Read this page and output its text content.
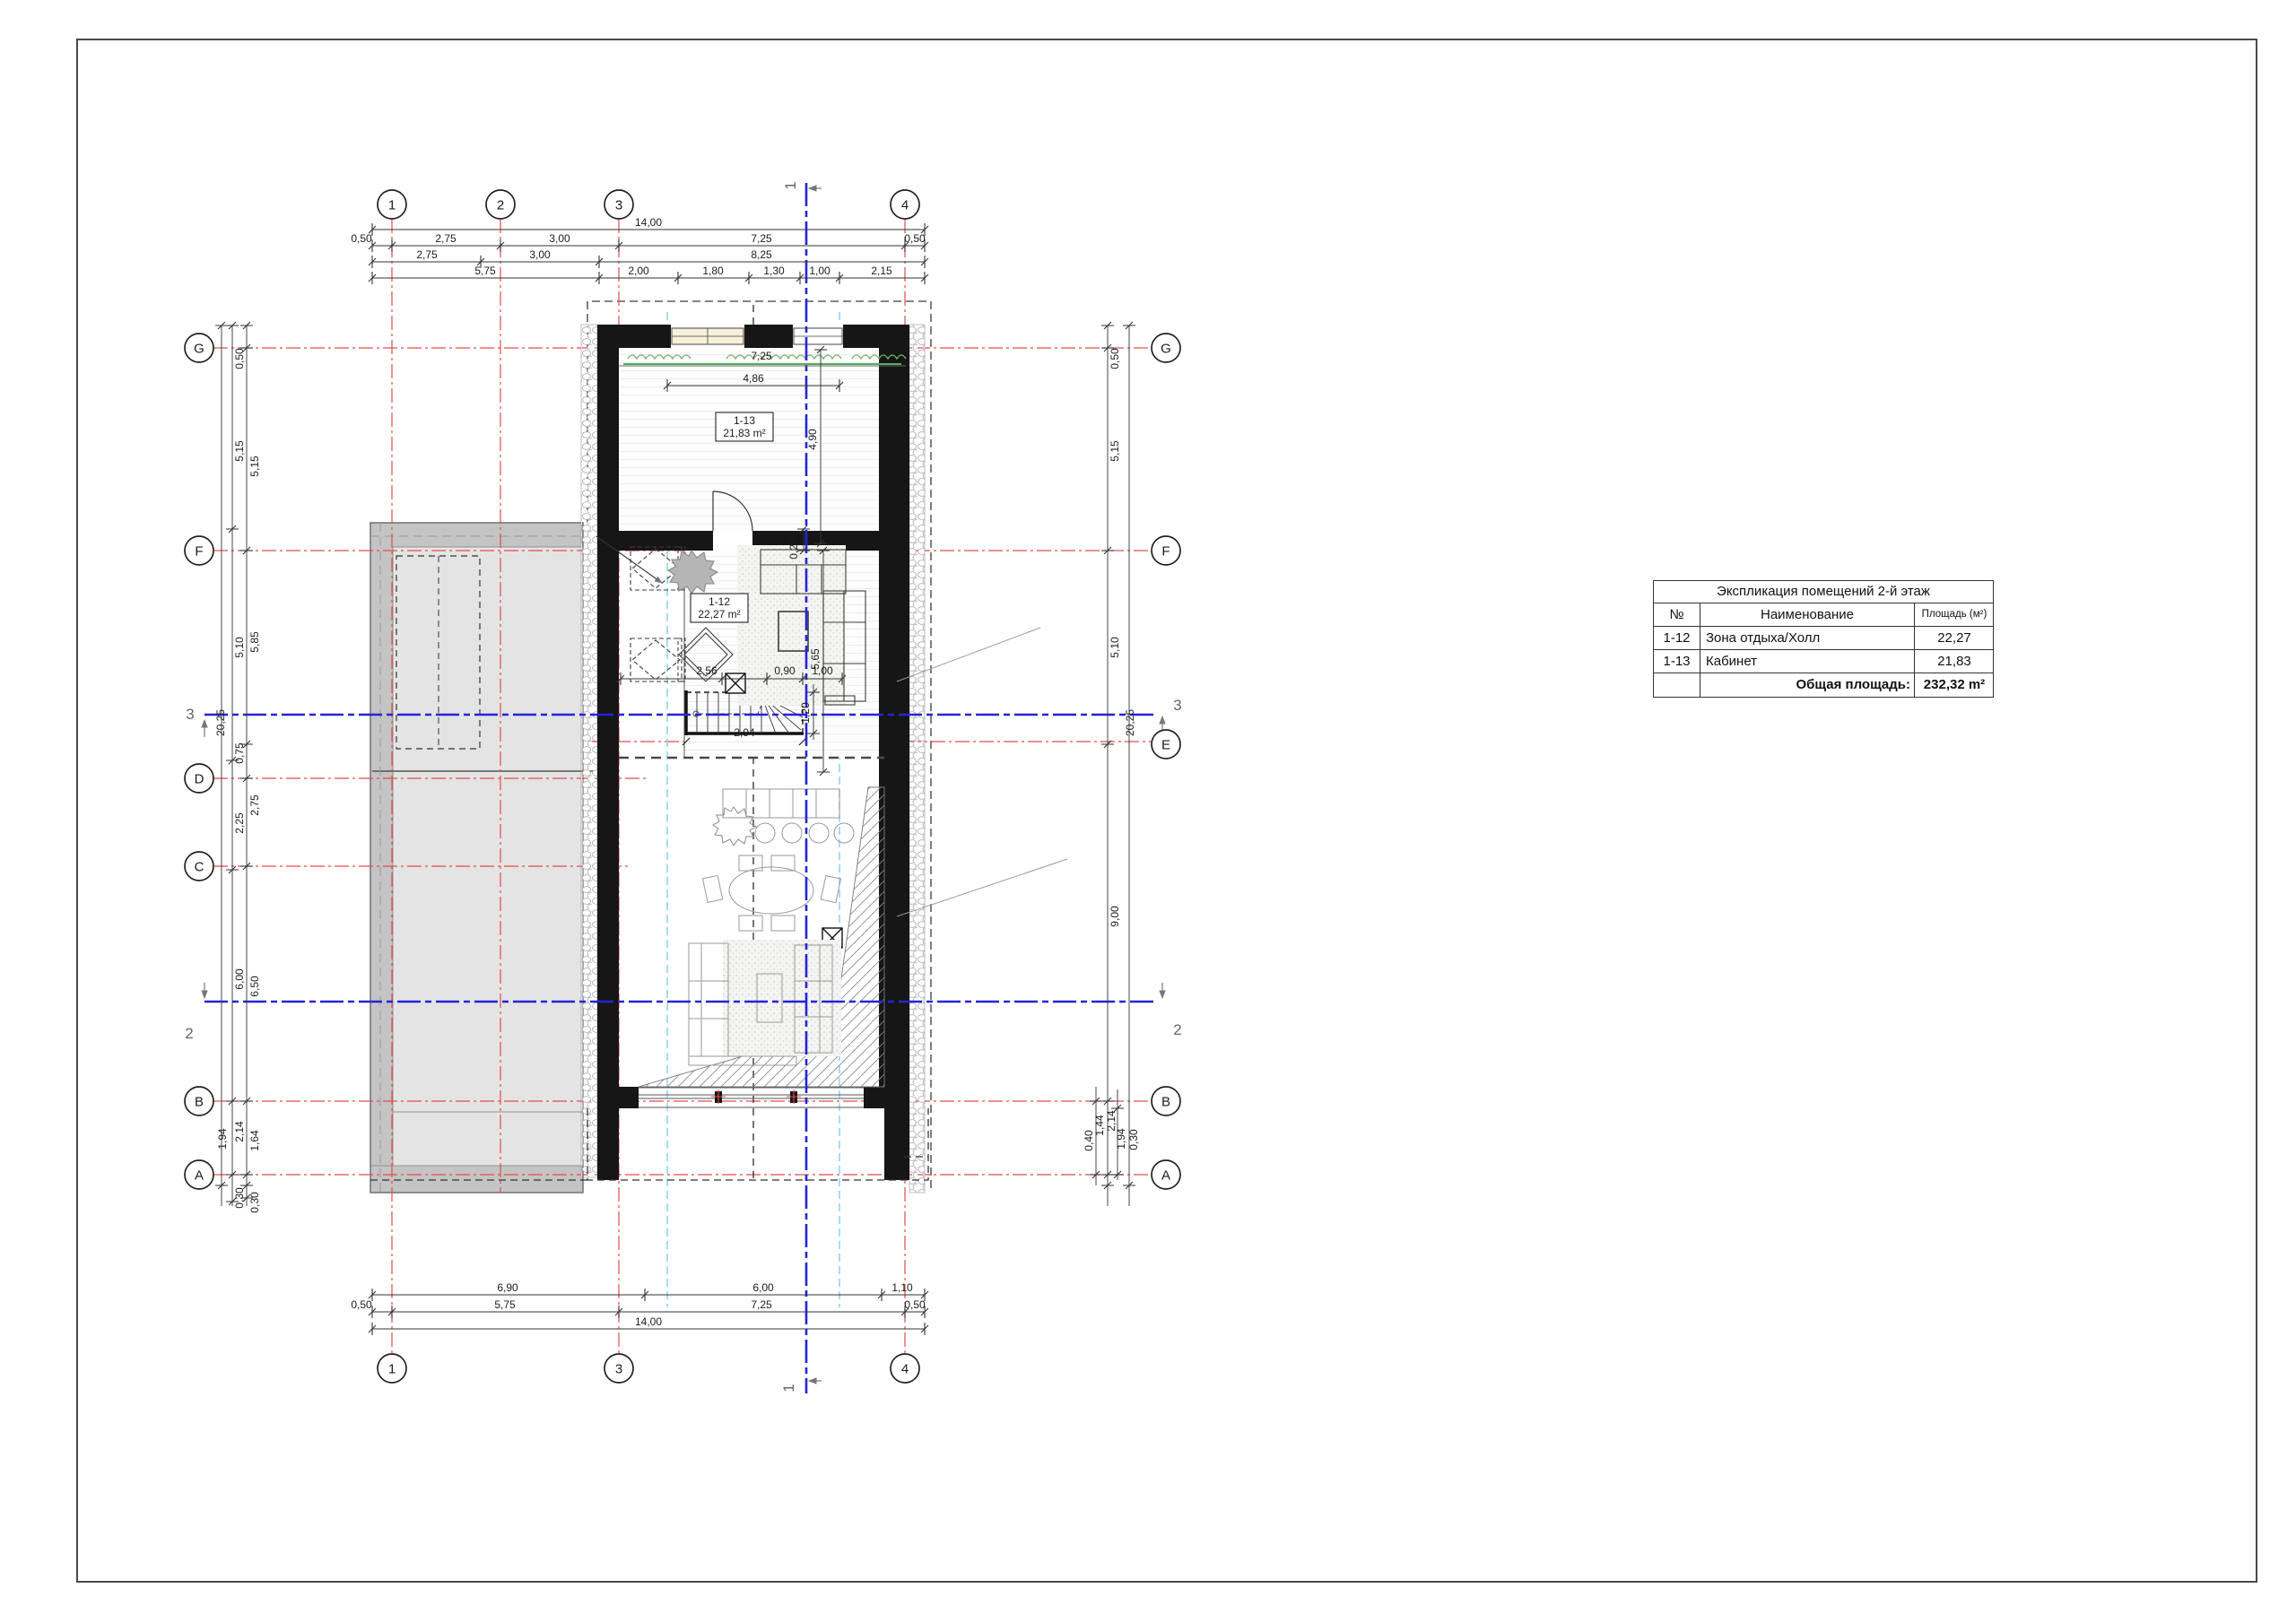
1	2	3	4
1	3	4
G
F
D
C
B
A
G
F
E
B
A
14,00
0,50	2,75	3,00	7,25	0,50
2,75	3,00	8,25
5,75	2,00	1,80	1,30 1,00	2,15
6,90	6,00	1,10
0,50	5,75	7,25	0,50
14,00
0,50
5,15
5,10
0,75
2,25
6,00
2,14
0,30
5,15
5,85
2,75
6,50
1,64
0,30
20,25
1,94
0,50
5,15
5,10
9,00
20,25
0,40
1,44 2,14
1,94 0,30
7,25
4,86
4,90
0,25
5,65
2,56	0,90 1,00
1,20
2,94
1
1
3
3
2	2
1-13
21,83 m²
1-12
22,27 m²
Экспликация помещений 2-й этаж
№	Наименование	Площадь (м²)
1-12	Зона отдыха/Холл	22,27
1-13	Кабинет	21,83
Общая площадь: 232,32 m²
